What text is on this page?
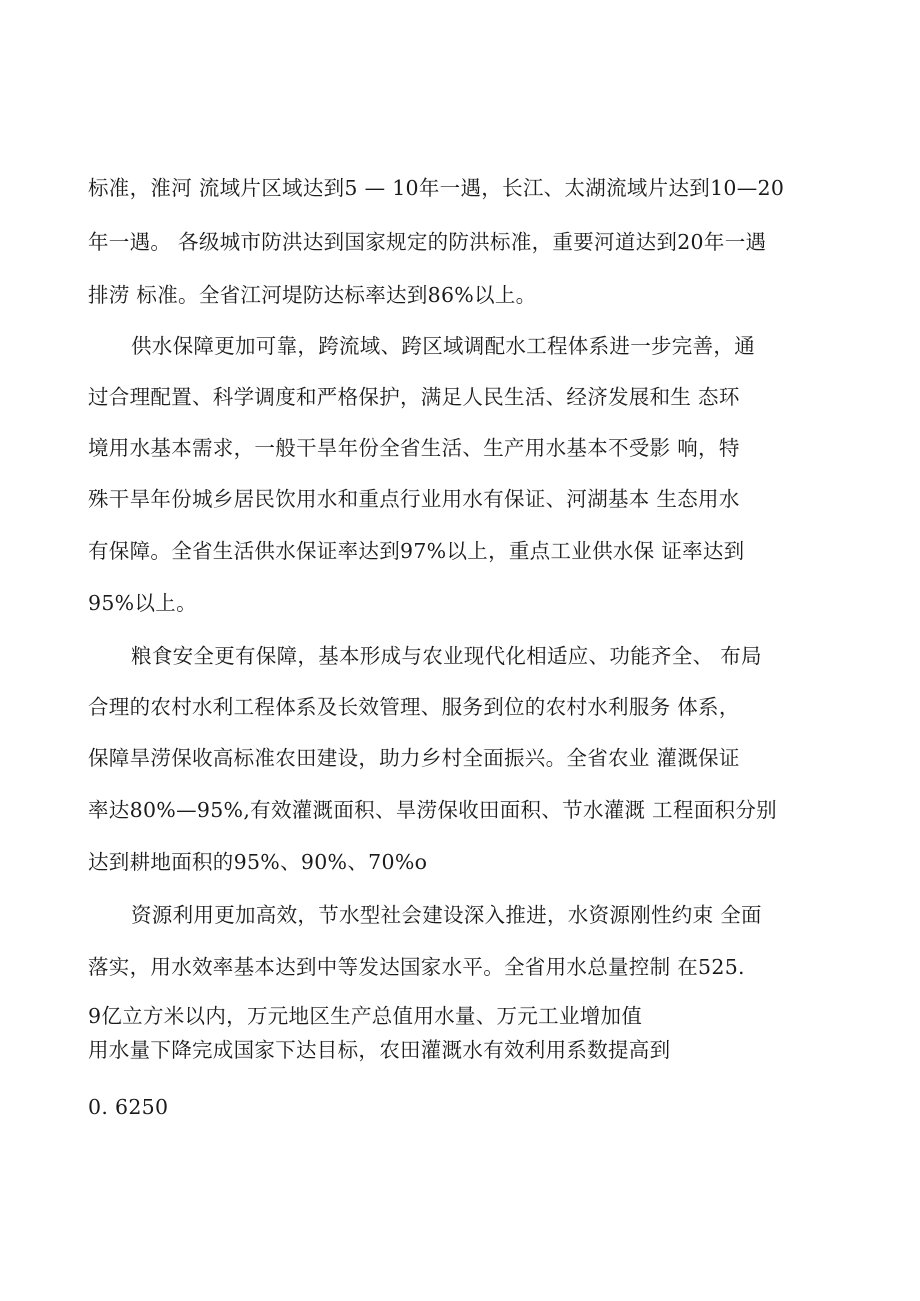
标准，淮河 流域片区域达到5 — 10年一遇，长江、太湖流域片达到10—20
年一遇。 各级城市防洪达到国家规定的防洪标准，重要河道达到20年一遇
排涝 标准。全省江河堤防达标率达到86%以上。
供水保障更加可靠，跨流域、跨区域调配水工程体系进一步完善，通
过合理配置、科学调度和严格保护，满足人民生活、经济发展和生 态环
境用水基本需求，一般干旱年份全省生活、生产用水基本不受影 响，特
殊干旱年份城乡居民饮用水和重点行业用水有保证、河湖基本 生态用水
有保障。全省生活供水保证率达到97%以上，重点工业供水保 证率达到
95%以上。
粮食安全更有保障，基本形成与农业现代化相适应、功能齐全、 布局
合理的农村水利工程体系及长效管理、服务到位的农村水利服务 体系，
保障旱涝保收高标准农田建设，助力乡村全面振兴。全省农业 灌溉保证
率达80%—95%,有效灌溉面积、旱涝保收田面积、节水灌溉 工程面积分别
达到耕地面积的95%、90%、70%o
资源利用更加高效，节水型社会建设深入推进，水资源刚性约束 全面
落实，用水效率基本达到中等发达国家水平。全省用水总量控制 在525.
9亿立方米以内，万元地区生产总值用水量、万元工业增加值
用水量下降完成国家下达目标，农田灌溉水有效利用系数提高到
0. 6250
